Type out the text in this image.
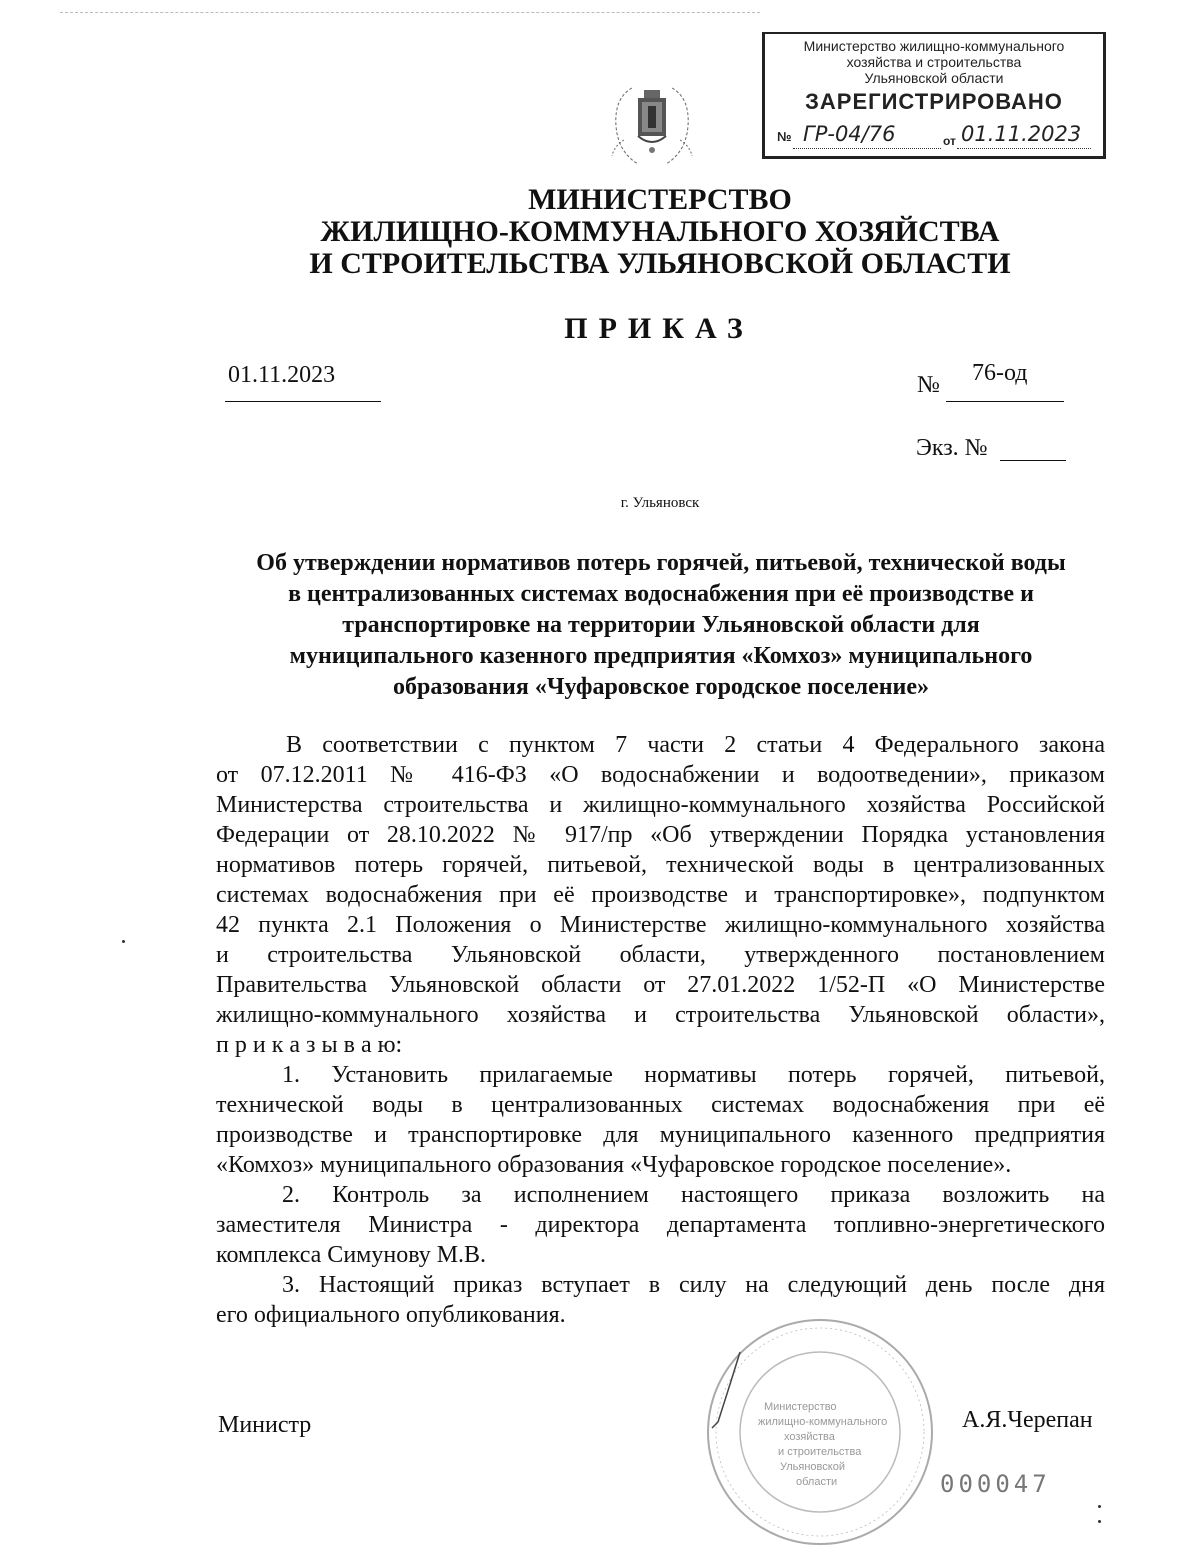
Министерство жилищно-коммунального
хозяйства и строительства
Ульяновской области
ЗАРЕГИСТРИРОВАНО
№ ГР-04/76	от 01.11.2023
МИНИСТЕРСТВО
ЖИЛИЩНО-КОММУНАЛЬНОГО ХОЗЯЙСТВА
И СТРОИТЕЛЬСТВА УЛЬЯНОВСКОЙ ОБЛАСТИ
ПРИКАЗ
01.11.2023	№ 76-од
Экз. №
г. Ульяновск
Об утверждении нормативов потерь горячей, питьевой, технической воды
в централизованных системах водоснабжения при её производстве и
транспортировке на территории Ульяновской области для
муниципального казенного предприятия «Комхоз» муниципального
образования «Чуфаровское городское поселение»
В соответствии с пунктом 7 части 2 статьи 4 Федерального закона
от 07.12.2011 № 416-ФЗ «О водоснабжении и водоотведении», приказом
Министерства строительства и жилищно-коммунального хозяйства Российской
Федерации от 28.10.2022 № 917/пр «Об утверждении Порядка установления
нормативов потерь горячей, питьевой, технической воды в централизованных
системах водоснабжения при её производстве и транспортировке», подпунктом
42 пункта 2.1 Положения о Министерстве жилищно-коммунального хозяйства
и строительства Ульяновской области, утвержденного постановлением
Правительства Ульяновской области от 27.01.2022 1/52-П «О Министерстве
жилищно-коммунального хозяйства и строительства Ульяновской области»,
п р и к а з ы в а ю:
1. Установить прилагаемые нормативы потерь горячей, питьевой,
технической воды в централизованных системах водоснабжения при её
производстве и транспортировке для муниципального казенного предприятия
«Комхоз» муниципального образования «Чуфаровское городское поселение».
2. Контроль за исполнением настоящего приказа возложить на
заместителя Министра - директора департамента топливно-энергетического
комплекса Симунову М.В.
3. Настоящий приказ вступает в силу на следующий день после дня
его официального опубликования.
Министерство
жилищно-коммунального
хозяйства
и строительства
Ульяновской
области
Министр	А.Я.Черепан
000047
